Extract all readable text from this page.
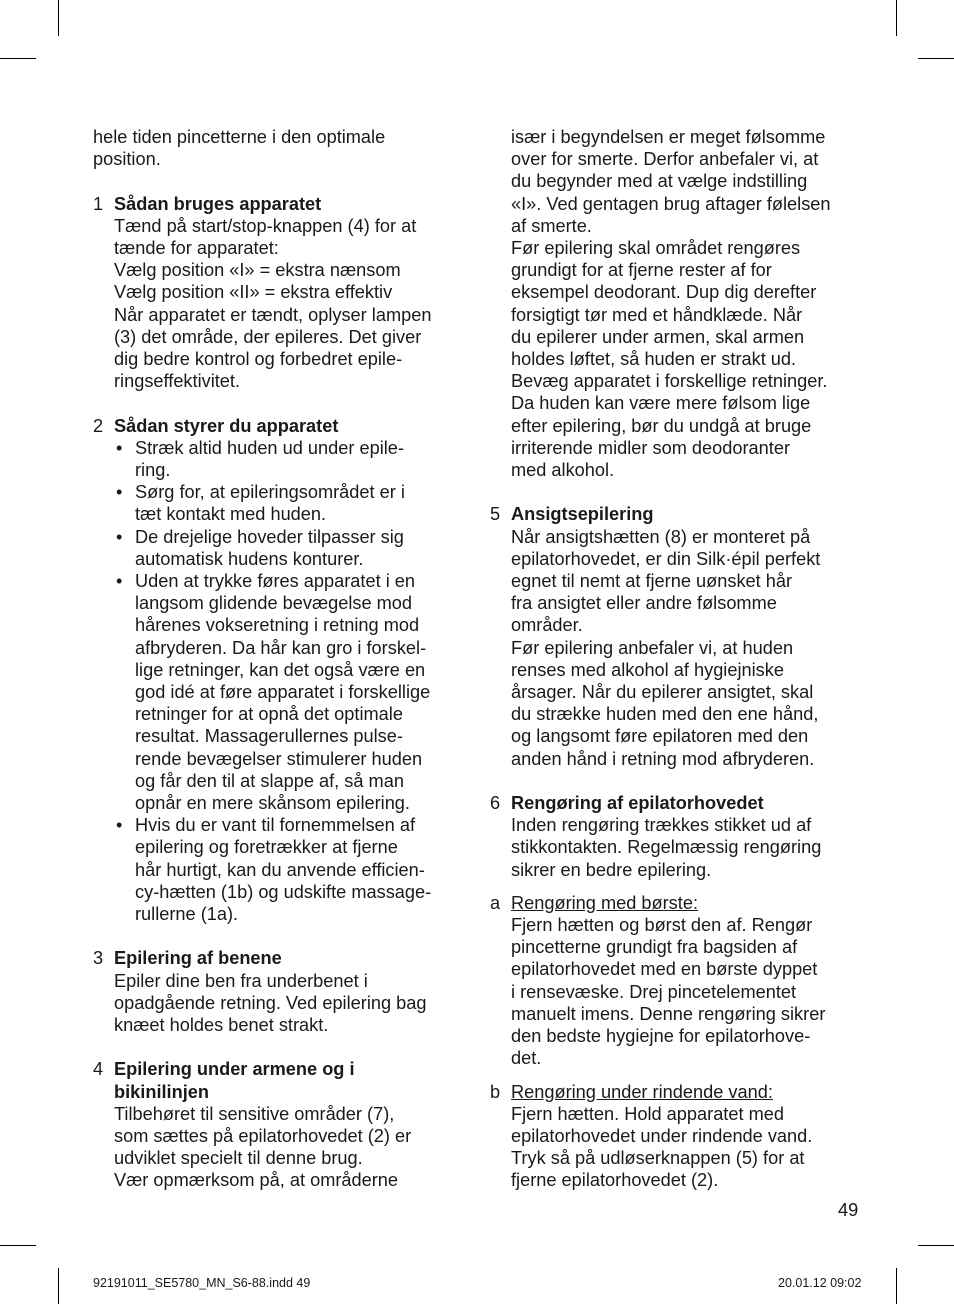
hele tiden pincetterne i den optimale
position.
1 Sådan bruges apparatet
Tænd på start/stop-knappen (4) for at
tænde for apparatet:
Vælg position «I» = ekstra nænsom
Vælg position «II» = ekstra effektiv
Når apparatet er tændt, oplyser lampen
(3) det område, der epileres. Det giver
dig bedre kontrol og forbedret epile-
ringseffektivitet.
2 Sådan styrer du apparatet
• Stræk altid huden ud under epile-
ring.
• Sørg for, at epileringsområdet er i
tæt kontakt med huden.
• De drejelige hoveder tilpasser sig
automatisk hudens konturer.
• Uden at trykke føres apparatet i en
langsom glidende bevægelse mod
hårenes vokseretning i retning mod
afbryderen. Da hår kan gro i forskel-
lige retninger, kan det også være en
god idé at føre apparatet i forskellige
retninger for at opnå det optimale
resultat. Massagerullernes pulse-
rende bevægelser stimulerer huden
og får den til at slappe af, så man
opnår en mere skånsom epilering.
• Hvis du er vant til fornemmelsen af
epilering og foretrækker at fjerne
hår hurtigt, kan du anvende efficien-
cy-hætten (1b) og udskifte massage-
rullerne (1a).
3 Epilering af benene
Epiler dine ben fra underbenet i
opadgående retning. Ved epilering bag
knæet holdes benet strakt.
4 Epilering under armene og i
bikinilinjen
Tilbehøret til sensitive områder (7),
som sættes på epilatorhovedet (2) er
udviklet specielt til denne brug.
Vær opmærksom på, at områderne
især i begyndelsen er meget følsomme
over for smerte. Derfor anbefaler vi, at
du begynder med at vælge indstilling
«I». Ved gentagen brug aftager følelsen
af smerte.
Før epilering skal området rengøres
grundigt for at fjerne rester af for
eksempel deodorant. Dup dig derefter
forsigtigt tør med et håndklæde. Når
du epilerer under armen, skal armen
holdes løftet, så huden er strakt ud.
Bevæg apparatet i forskellige retninger.
Da huden kan være mere følsom lige
efter epilering, bør du undgå at bruge
irriterende midler som deodoranter
med alkohol.
5 Ansigtsepilering
Når ansigtshætten (8) er monteret på
epilatorhovedet, er din Silk·épil perfekt
egnet til nemt at fjerne uønsket hår
fra ansigtet eller andre følsomme
områder.
Før epilering anbefaler vi, at huden
renses med alkohol af hygiejniske
årsager. Når du epilerer ansigtet, skal
du strække huden med den ene hånd,
og langsomt føre epilatoren med den
anden hånd i retning mod afbryderen.
6 Rengøring af epilatorhovedet
Inden rengøring trækkes stikket ud af
stikkontakten. Regelmæssig rengøring
sikrer en bedre epilering.
a Rengøring med børste:
Fjern hætten og børst den af. Rengør
pincetterne grundigt fra bagsiden af
epilatorhovedet med en børste dyppet
i rensevæske. Drej pincetelementet
manuelt imens. Denne rengøring sikrer
den bedste hygiejne for epilatorhove-
det.
b Rengøring under rindende vand:
Fjern hætten. Hold apparatet med
epilatorhovedet under rindende vand.
Tryk så på udløserknappen (5) for at
fjerne epilatorhovedet (2).
49
92191011_SE5780_MN_S6-88.indd 49	20.01.12 09:02
